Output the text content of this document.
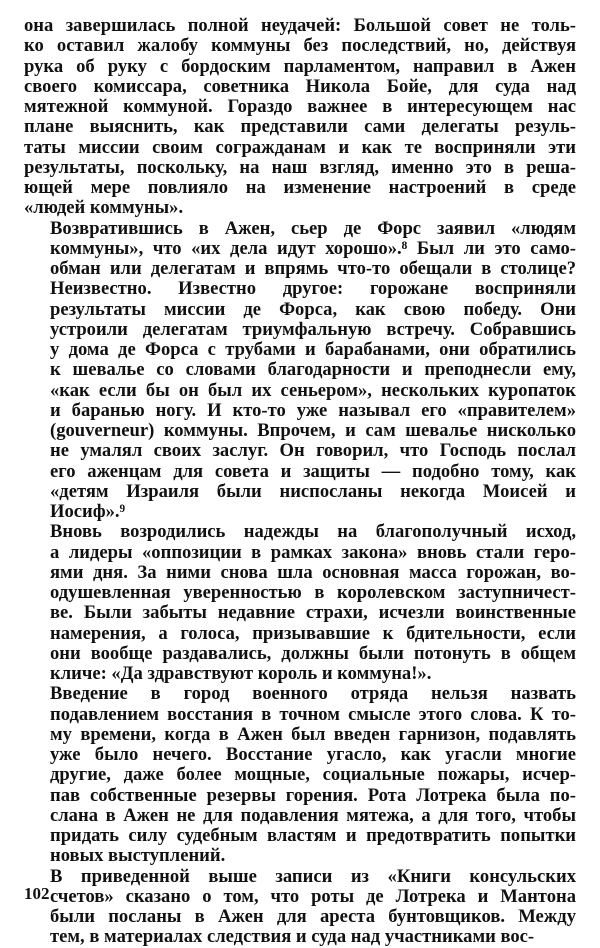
она завершилась полной неудачей: Большой совет не толь-
ко оставил жалобу коммуны без последствий, но, действуя
рука об руку с бордоским парламентом, направил в Ажен
своего комиссара, советника Никола Бойе, для суда над
мятежной коммуной. Гораздо важнее в интересующем нас
плане выяснить, как представили сами делегаты резуль-
таты миссии своим согражданам и как те восприняли эти
результаты, поскольку, на наш взгляд, именно это в реша-
ющей мере повлияло на изменение настроений в среде
«людей коммуны».

Возвратившись в Ажен, сьер де Форс заявил «людям
коммуны», что «их дела идут хорошо».⁸ Был ли это само-
обман или делегатам и впрямь что-то обещали в столице?
Неизвестно. Известно другое: горожане восприняли
результаты миссии де Форса, как свою победу. Они
устроили делегатам триумфальную встречу. Собравшись
у дома де Форса с трубами и барабанами, они обратились
к шевалье со словами благодарности и преподнесли ему,
«как если бы он был их сеньером», нескольких куропаток
и баранью ногу. И кто-то уже называл его «правителем»
(gouverneur) коммуны. Впрочем, и сам шевалье нисколько
не умалял своих заслуг. Он говорил, что Господь послал
его аженцам для совета и защиты — подобно тому, как
«детям Израиля были ниспосланы некогда Моисей и
Иосиф».⁹

Вновь возродились надежды на благополучный исход,
а лидеры «оппозиции в рамках закона» вновь стали геро-
ями дня. За ними снова шла основная масса горожан, во-
одушевленная уверенностью в королевском заступничест-
ве. Были забыты недавние страхи, исчезли воинственные
намерения, а голоса, призывавшие к бдительности, если
они вообще раздавались, должны были потонуть в общем
кличе: «Да здравствуют король и коммуна!».

Введение в город военного отряда нельзя назвать
подавлением восстания в точном смысле этого слова. К то-
му времени, когда в Ажен был введен гарнизон, подавлять
уже было нечего. Восстание угасло, как угасли многие
другие, даже более мощные, социальные пожары, исчер-
пав собственные резервы горения. Рота Лотрека была по-
слана в Ажен не для подавления мятежа, а для того, чтобы
придать силу судебным властям и предотвратить попытки
новых выступлений.

В приведенной выше записи из «Книги консульских
счетов» сказано о том, что роты де Лотрека и Мантона
были посланы в Ажен для ареста бунтовщиков. Между
тем, в материалах следствия и суда над участниками вос-

102
